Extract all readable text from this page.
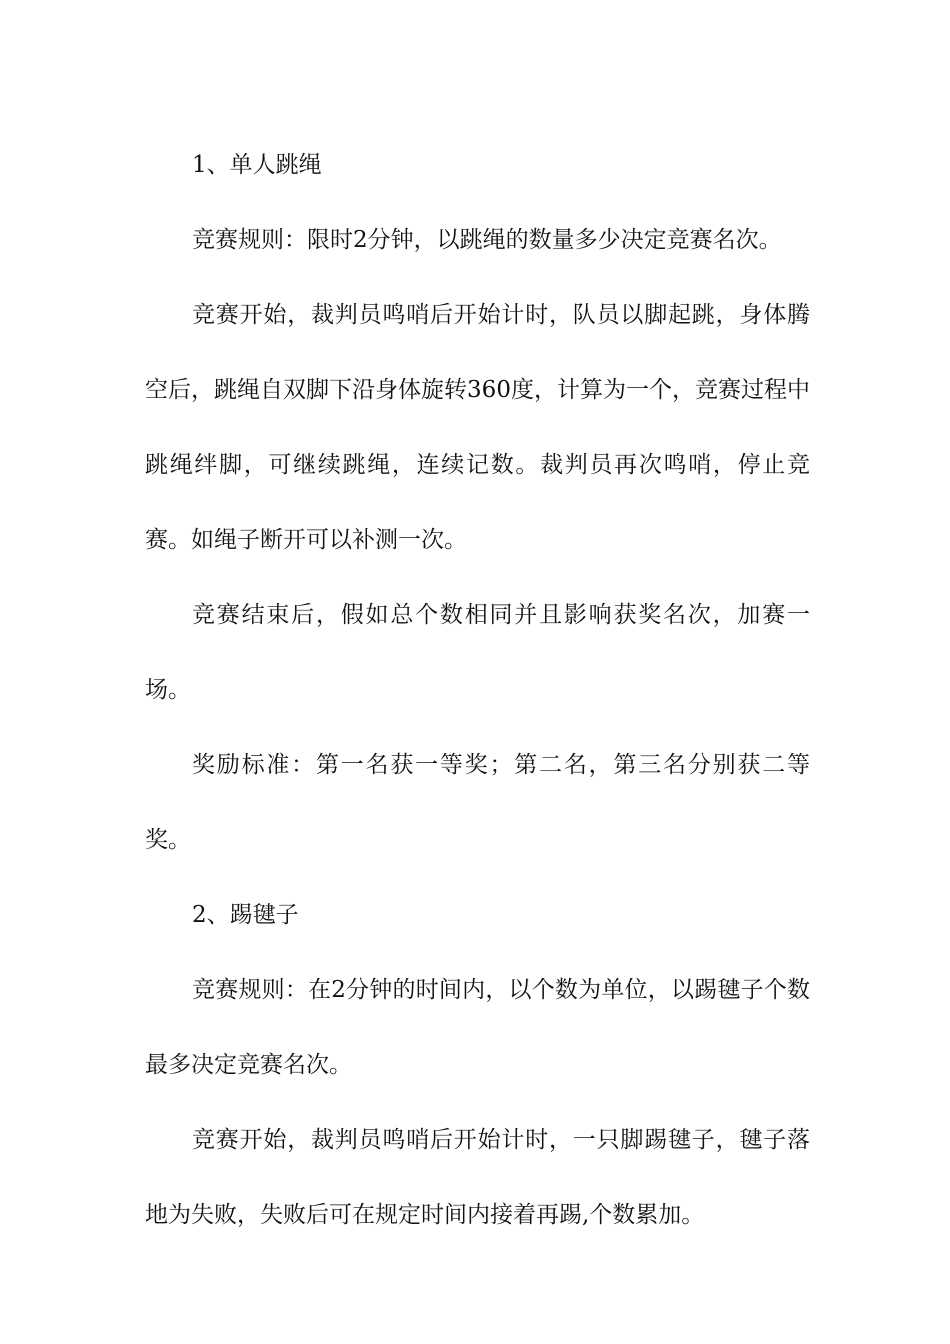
1、单人跳绳

竞赛规则：限时2分钟，以跳绳的数量多少决定竞赛名次。

竞赛开始，裁判员鸣哨后开始计时，队员以脚起跳，身体腾空后，跳绳自双脚下沿身体旋转360度，计算为一个，竞赛过程中跳绳绊脚，可继续跳绳，连续记数。裁判员再次鸣哨，停止竞赛。如绳子断开可以补测一次。

竞赛结束后，假如总个数相同并且影响获奖名次，加赛一场。

奖励标准：第一名获一等奖；第二名，第三名分别获二等奖。

2、踢毽子

竞赛规则：在2分钟的时间内，以个数为单位，以踢毽子个数最多决定竞赛名次。

竞赛开始，裁判员鸣哨后开始计时，一只脚踢毽子，毽子落地为失败，失败后可在规定时间内接着再踢,个数累加。
